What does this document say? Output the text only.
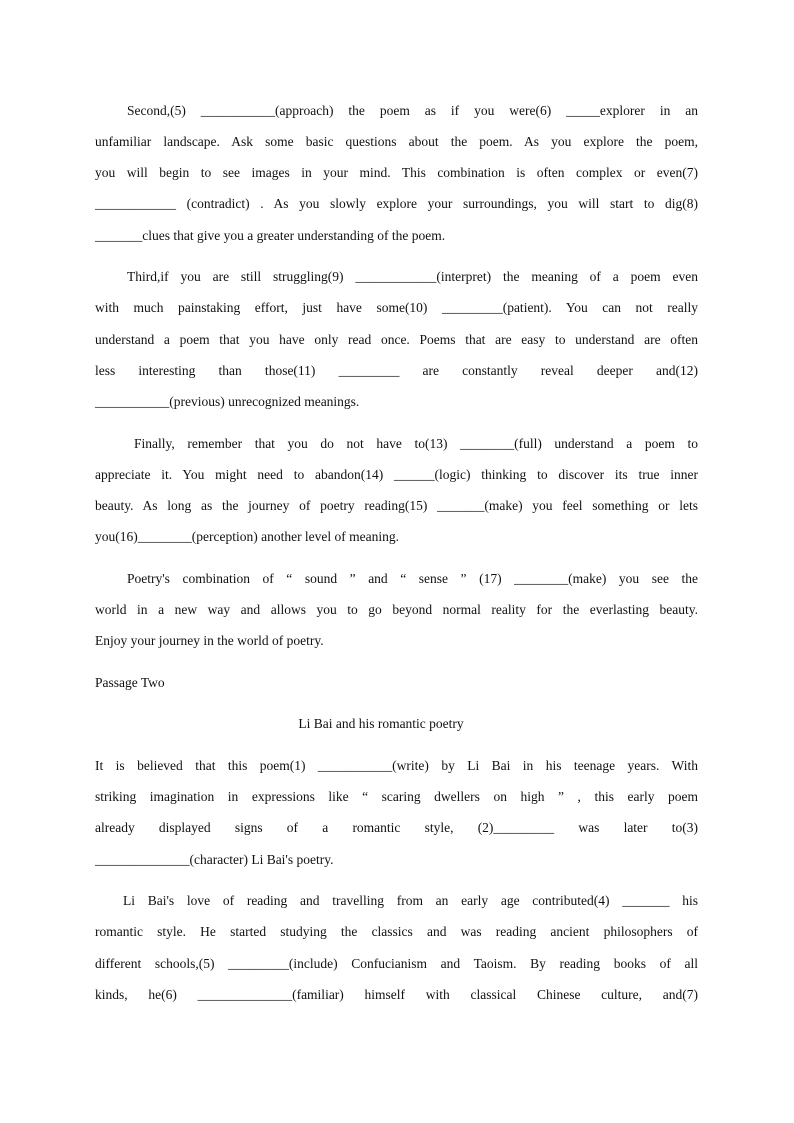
Second,(5) ___________(approach) the poem as if you were(6) _____explorer in an
unfamiliar landscape. Ask some basic questions about the poem. As you explore the poem,
you will begin to see images in your mind. This combination is often complex or even(7)
____________ (contradict) . As you slowly explore your surroundings, you will start to dig(8)
_______clues that give you a greater understanding of the poem.
Third,if you are still struggling(9) ____________(interpret) the meaning of a poem even
with much painstaking effort, just have some(10) _________(patient). You can not really
understand a poem that you have only read once. Poems that are easy to understand are often
less interesting than those(11) _________ are constantly reveal deeper and(12)
___________(previous) unrecognized meanings.
Finally, remember that you do not have to(13) ________(full) understand a poem to
appreciate it. You might need to abandon(14) ______(logic) thinking to discover its true inner
beauty. As long as the journey of poetry reading(15) _______(make) you feel something or lets
you(16)________(perception) another level of meaning.
Poetry's combination of “ sound ” and “ sense ” (17) ________(make) you see the
world in a new way and allows you to go beyond normal reality for the everlasting beauty.
Enjoy your journey in the world of poetry.
Passage Two
Li Bai and his romantic poetry
It is believed that this poem(1) ___________(write) by Li Bai in his teenage years. With
striking imagination in expressions like “ scaring dwellers on high ” , this early poem
already displayed signs of a romantic style, (2)_________ was later to(3)
______________(character) Li Bai's poetry.
Li Bai's love of reading and travelling from an early age contributed(4) _______ his
romantic style. He started studying the classics and was reading ancient philosophers of
different schools,(5) _________(include) Confucianism and Taoism. By reading books of all
kinds, he(6) ______________(familiar) himself with classical Chinese culture, and(7)
